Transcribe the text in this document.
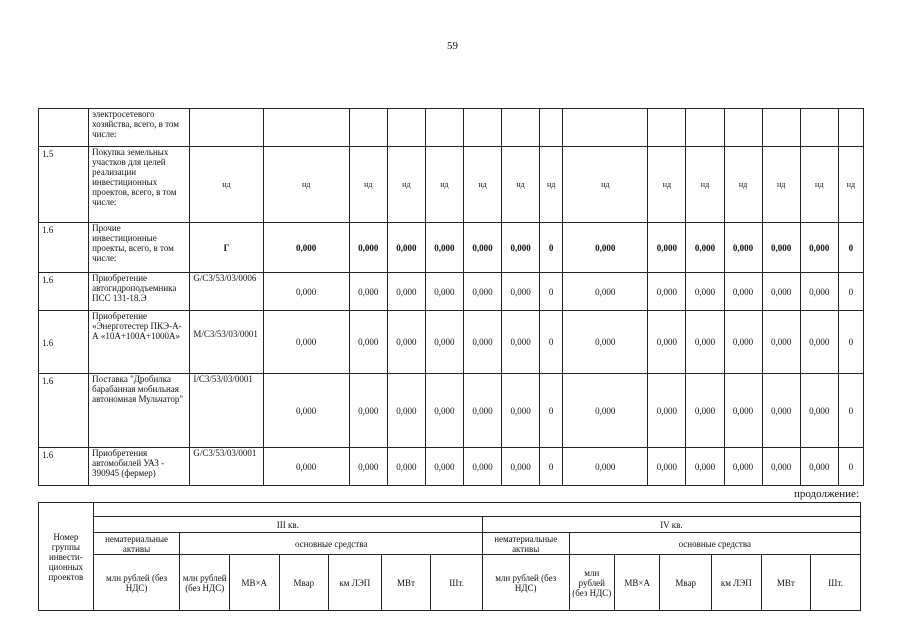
59
	электросетевого хозяйства, всего, в том числе:															
1.5	Покупка земельных участков для целей реализации инвестиционных проектов, всего, в том числе:	нд	нд	нд	нд	нд	нд	нд	нд	нд	нд	нд	нд	нд	нд	нд
1.6	Прочие инвестиционные проекты, всего, в том числе:	Г	0,000	0,000	0,000	0,000	0,000	0,000	0	0,000	0,000	0,000	0,000	0,000	0,000	0
1.6	Приобретение автогидроподъемника ПСС 131-18.Э	G/C3/53/03/0006	0,000	0,000	0,000	0,000	0,000	0,000	0	0,000	0,000	0,000	0,000	0,000	0,000	0
1.6	Приобретение «Энерготестер ПКЭ-А-А «10А+100А+1000А»	M/C3/53/03/0001	0,000	0,000	0,000	0,000	0,000	0,000	0	0,000	0,000	0,000	0,000	0,000	0,000	0
1.6	Поставка "Дробилка барабанная мобильная автономная Мульчатор"	I/C3/53/03/0001	0,000	0,000	0,000	0,000	0,000	0,000	0	0,000	0,000	0,000	0,000	0,000	0,000	0
1.6	Приобретения автомобилей УАЗ - 390945 (фермер)	G/C3/53/03/0001	0,000	0,000	0,000	0,000	0,000	0,000	0	0,000	0,000	0,000	0,000	0,000	0,000	0
продолжение:
Номер группы инвести-ционных проектов														
	III кв.							IV кв.						
	нематериальные активы	основные средства						нематериальные активы	основные средства					
	млн рублей (без НДС)	млн рублей (без НДС)	МВ×А	Мвар	км ЛЭП	МВт	Шт.	млн рублей (без НДС)	млн рублей (без НДС)	МВ×А	Мвар	км ЛЭП	МВт	Шт.
